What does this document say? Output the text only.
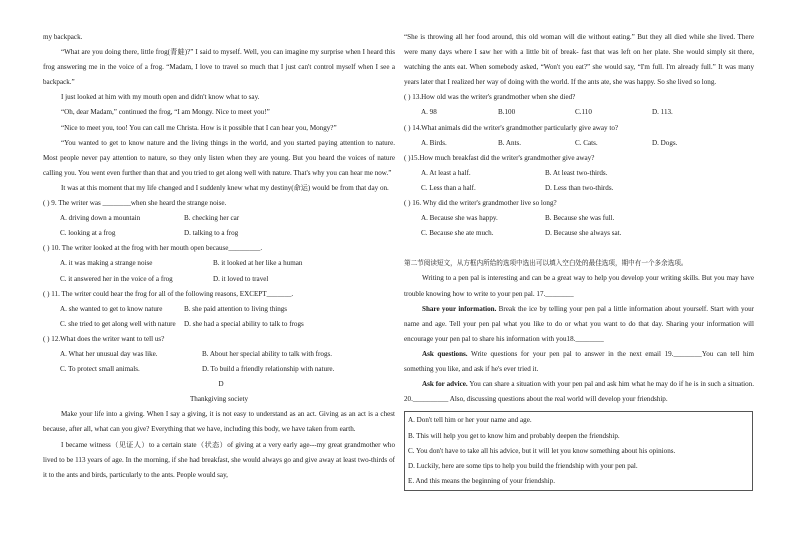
my backpack.

“What are you doing there, little frog(青蛙)?” I said to myself. Well, you can imagine my surprise when I heard this frog answering me in the voice of a frog. “Madam, I love to travel so much that I just can't control myself when I see a backpack.”

I just looked at him with my mouth open and didn't know what to say.

“Oh, dear Madam,” continued the frog, “I am Mongy. Nice to meet you!”

“Nice to meet you, too! You can call me Christa. How is it possible that I can hear you, Mongy?”

“You wanted to get to know nature and the living things in the world, and you started paying attention to nature. Most people never pay attention to nature, so they only listen when they are young. But you heard the voices of nature calling you. You went even further than that and you tried to get along well with nature. That's why you can hear me now.”

It was at this moment that my life changed and I suddenly knew what my destiny(命运) would be from that day on.

( ) 9. The writer was ________when she heard the strange noise.

A. driving down a mountain	B. checking her car
C. looking at a frog	D. talking to a frog

( ) 10. The writer looked at the frog with her mouth open because_________.

A. it was making a strange noise	B. it looked at her like a human
C. it answered her in the voice of a frog	D. it loved to travel

( ) 11. The writer could hear the frog for all of the following reasons, EXCEPT_______.

A. she wanted to get to know nature	B. she paid attention to living things
C. she tried to get along well with nature	D. she had a special ability to talk to frogs

( ) 12.What does the writer want to tell us?

A. What her unusual day was like.	B. About her special ability to talk with frogs.
C. To protect small animals.	D. To build a friendly relationship with nature.

D

Thankgiving society

Make your life into a giving. When I say a giving, it is not easy to understand as an act. Giving as an act is a chest because, after all, what can you give? Everything that we have, including this body, we have taken from earth.

I became witness（见证人）to a certain state（状态）of giving at a very early age---my great grandmother who lived to be 113 years of age. In the morning, if she had breakfast, she would always go and give away at least two-thirds of it to the ants and birds, particularly to the ants. People would say,

“She is throwing all her food around, this old woman will die without eating.” But they all died while she lived. There were many days where I saw her with a little bit of break- fast that was left on her plate. She would simply sit there, watching the ants eat. When somebody asked, “Won't you eat?” she would say, “I'm full. I'm already full.” It was many years later that I realized her way of doing with the world. If the ants ate, she was happy. So she lived so long.

( ) 13.How old was the writer's grandmother when she died?

A. 98	B.100	C.110	D. 113.

( ) 14.What animals did the writer's grandmother particularly give away to?

A. Birds.	B. Ants.	C. Cats.	D. Dogs.

( )15.How much breakfast did the writer's grandmother give away?

A. At least a half.	B. At least two-thirds.
C. Less than a half.	D. Less than two-thirds.

( ) 16. Why did the writer's grandmother live so long?

A. Because she was happy.	B. Because she was full.
C. Because she ate much.	D. Because she always sat.

第二节阅读短文，从方框内所给的选项中选出可以填入空白处的最佳选项，期中有一个多余选项。

Writing to a pen pal is interesting and can be a great way to help you develop your writing skills. But you may have trouble knowing how to write to your pen pal. 17.________

Share your information. Break the ice by telling your pen pal a little information about yourself. Start with your name and age. Tell your pen pal what you like to do or what you want to do that day. Sharing your information will encourage your pen pal to share his information with you18.________

Ask questions. Write questions for your pen pal to answer in the next email 19.________You can tell him something you like, and ask if he's ever tried it.

Ask for advice. You can share a situation with your pen pal and ask him what he may do if he is in such a situation. 20.__________ Also, discussing questions about the real world will develop your friendship.

A. Don't tell him or her your name and age.

B. This will help you get to know him and probably deepen the friendship.

C. You don't have to take all his advice, but it will let you know something about his opinions.

D. Luckily, here are some tips to help you build the friendship with your pen pal.

E. And this means the beginning of your friendship.
